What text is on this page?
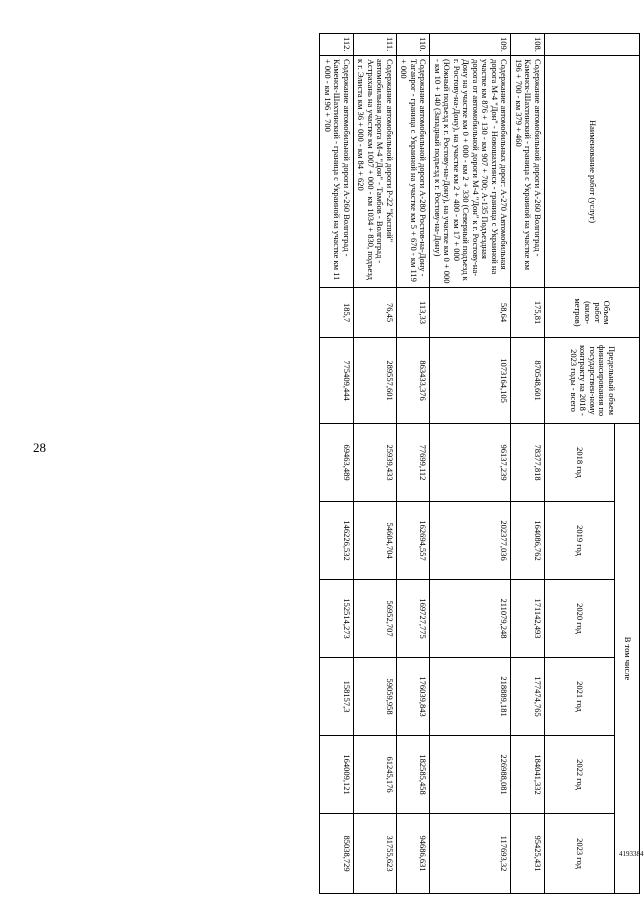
28
4193384
	Наименование работ (услуг)	Объем работ (кило-метров)	Предельный объем финансирования по государствен-ному контракту на 2018 - 2023 годы - всего	В том числе					
				2018 год	2019 год	2020 год	2021 год	2022 год	2023 год
108.	Содержание автомобильной дороги А-260 Волгоград - Каменск-Шахтинский - граница с Украиной на участке км 196 + 700 - км 379 + 460	175,81	870548,601	78377,818	164086,762	171142,493	177474,765	184041,332	95425,431
109.	Содержание автомобильных дорог: А-270 Автомобильная дорога М-4 "Дон" - Новошахтинск - граница с Украиной на участке км 876 + 130 - км 907 + 700; А-135 Подъездная дорога от автомобильной дороги М-4 "Дон" к г. Ростову-на-Дону на участке км 0 + 000 - км 2 + 330 (Северный подъезд к г. Ростову-на-Дону), на участке км 2 + 400 - км 17 + 000 (Южный подъезд к г. Ростову-на-Дону), на участке км 0 + 000 - км 10 + 140 (Западный подъезд к г. Ростову-на-Дону)	58,64	1073164,105	96137,239	202377,036	211079,248	218889,181	226988,081	117693,32
110.	Содержание автомобильной дороги А-280 Ростов-на-Дону - Таганрог - граница с Украиной на участке км 5 + 670 - км 119 + 000	113,33	863433,376	77699,112	162694,557	169727,775	176039,843	182585,458	94686,631
111.	Содержание автомобильной дороги Р-22 "Каспий" автомобильная дорога М-4 "Дон" - Тамбов - Волгоград - Астрахань на участке км 1007 + 000 - км 1034 + 830, подъезд к г. Элиста км 36 + 000 - км 84 + 620	76,45	289557,601	25939,433	54604,704	56952,707	59059,958	61245,176	31755,623
112.	Содержание автомобильной дороги А-260 Волгоград - Каменск-Шахтинский - граница с Украиной на участке км 11 + 000 - км 196 + 700	185,7	775409,444	69463,489	146226,532	152514,273	158157,3	164009,121	85038,729
